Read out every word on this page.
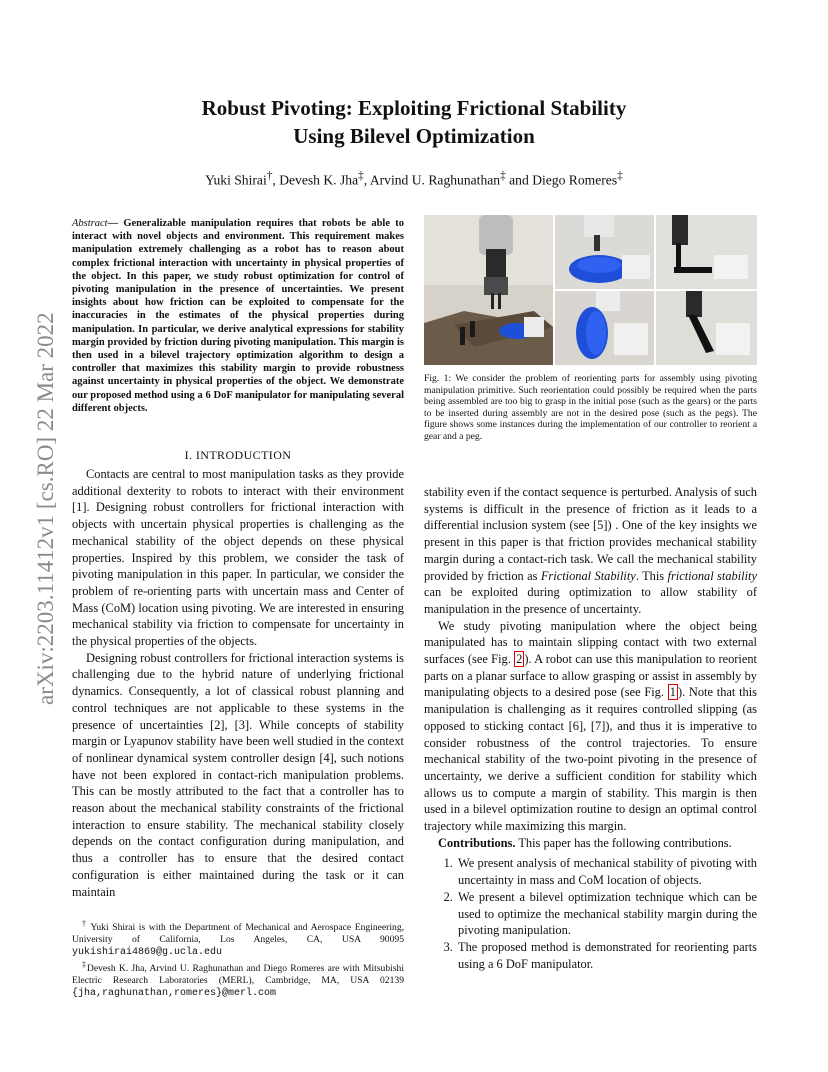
arXiv:2203.11412v1 [cs.RO] 22 Mar 2022
Robust Pivoting: Exploiting Frictional Stability
Using Bilevel Optimization
Yuki Shirai†, Devesh K. Jha‡, Arvind U. Raghunathan‡ and Diego Romeres‡

Abstract— Generalizable manipulation requires that robots be able to interact with novel objects and environment. This requirement makes manipulation extremely challenging as a robot has to reason about complex frictional interaction with uncertainty in physical properties of the object. In this paper, we study robust optimization for control of pivoting manipulation in the presence of uncertainties. We present insights about how friction can be exploited to compensate for the inaccuracies in the estimates of the physical properties during manipulation. In particular, we derive analytical expressions for stability margin provided by friction during pivoting manipulation. This margin is then used in a bilevel trajectory optimization algorithm to design a controller that maximizes this stability margin to provide robustness against uncertainty in physical properties of the object. We demonstrate our proposed method using a 6 DoF manipulator for manipulating several different objects.

I. INTRODUCTION

Contacts are central to most manipulation tasks as they provide additional dexterity to robots to interact with their environment [1]. Designing robust controllers for frictional interaction with objects with uncertain physical properties is challenging as the mechanical stability of the object depends on these physical properties. Inspired by this problem, we consider the task of pivoting manipulation in this paper. In particular, we consider the problem of re-orienting parts with uncertain mass and Center of Mass (CoM) location using pivoting. We are interested in ensuring mechanical stability via friction to compensate for uncertainty in the physical properties of the objects.

Designing robust controllers for frictional interaction systems is challenging due to the hybrid nature of underlying frictional dynamics. Consequently, a lot of classical robust planning and control techniques are not applicable to these systems in the presence of uncertainties [2], [3]. While concepts of stability margin or Lyapunov stability have been well studied in the context of nonlinear dynamical system controller design [4], such notions have not been explored in contact-rich manipulation problems. This can be mostly attributed to the fact that a controller has to reason about the mechanical stability constraints of the frictional interaction to ensure stability. The mechanical stability closely depends on the contact configuration during manipulation, and thus a controller has to ensure that the desired contact configuration is either maintained during the task or it can maintain

Fig. 1: We consider the problem of reorienting parts for assembly using pivoting manipulation primitive. Such reorientation could possibly be required when the parts being assembled are too big to grasp in the initial pose (such as the gears) or the parts to be inserted during assembly are not in the desired pose (such as the pegs). The figure shows some instances during the implementation of our controller to reorient a gear and a peg.

stability even if the contact sequence is perturbed. Analysis of such systems is difficult in the presence of friction as it leads to a differential inclusion system (see [5]) . One of the key insights we present in this paper is that friction provides mechanical stability margin during a contact-rich task. We call the mechanical stability provided by friction as Frictional Stability. This frictional stability can be exploited during optimization to allow stability of manipulation in the presence of uncertainty.

We study pivoting manipulation where the object being manipulated has to maintain slipping contact with two external surfaces (see Fig. 2 ). A robot can use this manipulation to reorient parts on a planar surface to allow grasping or assist in assembly by manipulating objects to a desired pose (see Fig. 1 ). Note that this manipulation is challenging as it requires controlled slipping (as opposed to sticking contact [6], [7]), and thus it is imperative to consider robustness of the control trajectories. To ensure mechanical stability of the two-point pivoting in the presence of uncertainty, we derive a sufficient condition for stability which allows us to compute a margin of stability. This margin is then used in a bilevel optimization routine to design an optimal control trajectory while maximizing this margin.

Contributions. This paper has the following contributions.

1. We present analysis of mechanical stability of pivoting with uncertainty in mass and CoM location of objects.
2. We present a bilevel optimization technique which can be used to optimize the mechanical stability margin during the pivoting manipulation.
3. The proposed method is demonstrated for reorienting parts using a 6 DoF manipulator.

† Yuki Shirai is with the Department of Mechanical and Aerospace Engineering, University of California, Los Angeles, CA, USA 90095 yukishirai4869@g.ucla.edu

‡Devesh K. Jha, Arvind U. Raghunathan and Diego Romeres are with Mitsubishi Electric Research Laboratories (MERL), Cambridge, MA, USA 02139 {jha,raghunathan,romeres}@merl.com
